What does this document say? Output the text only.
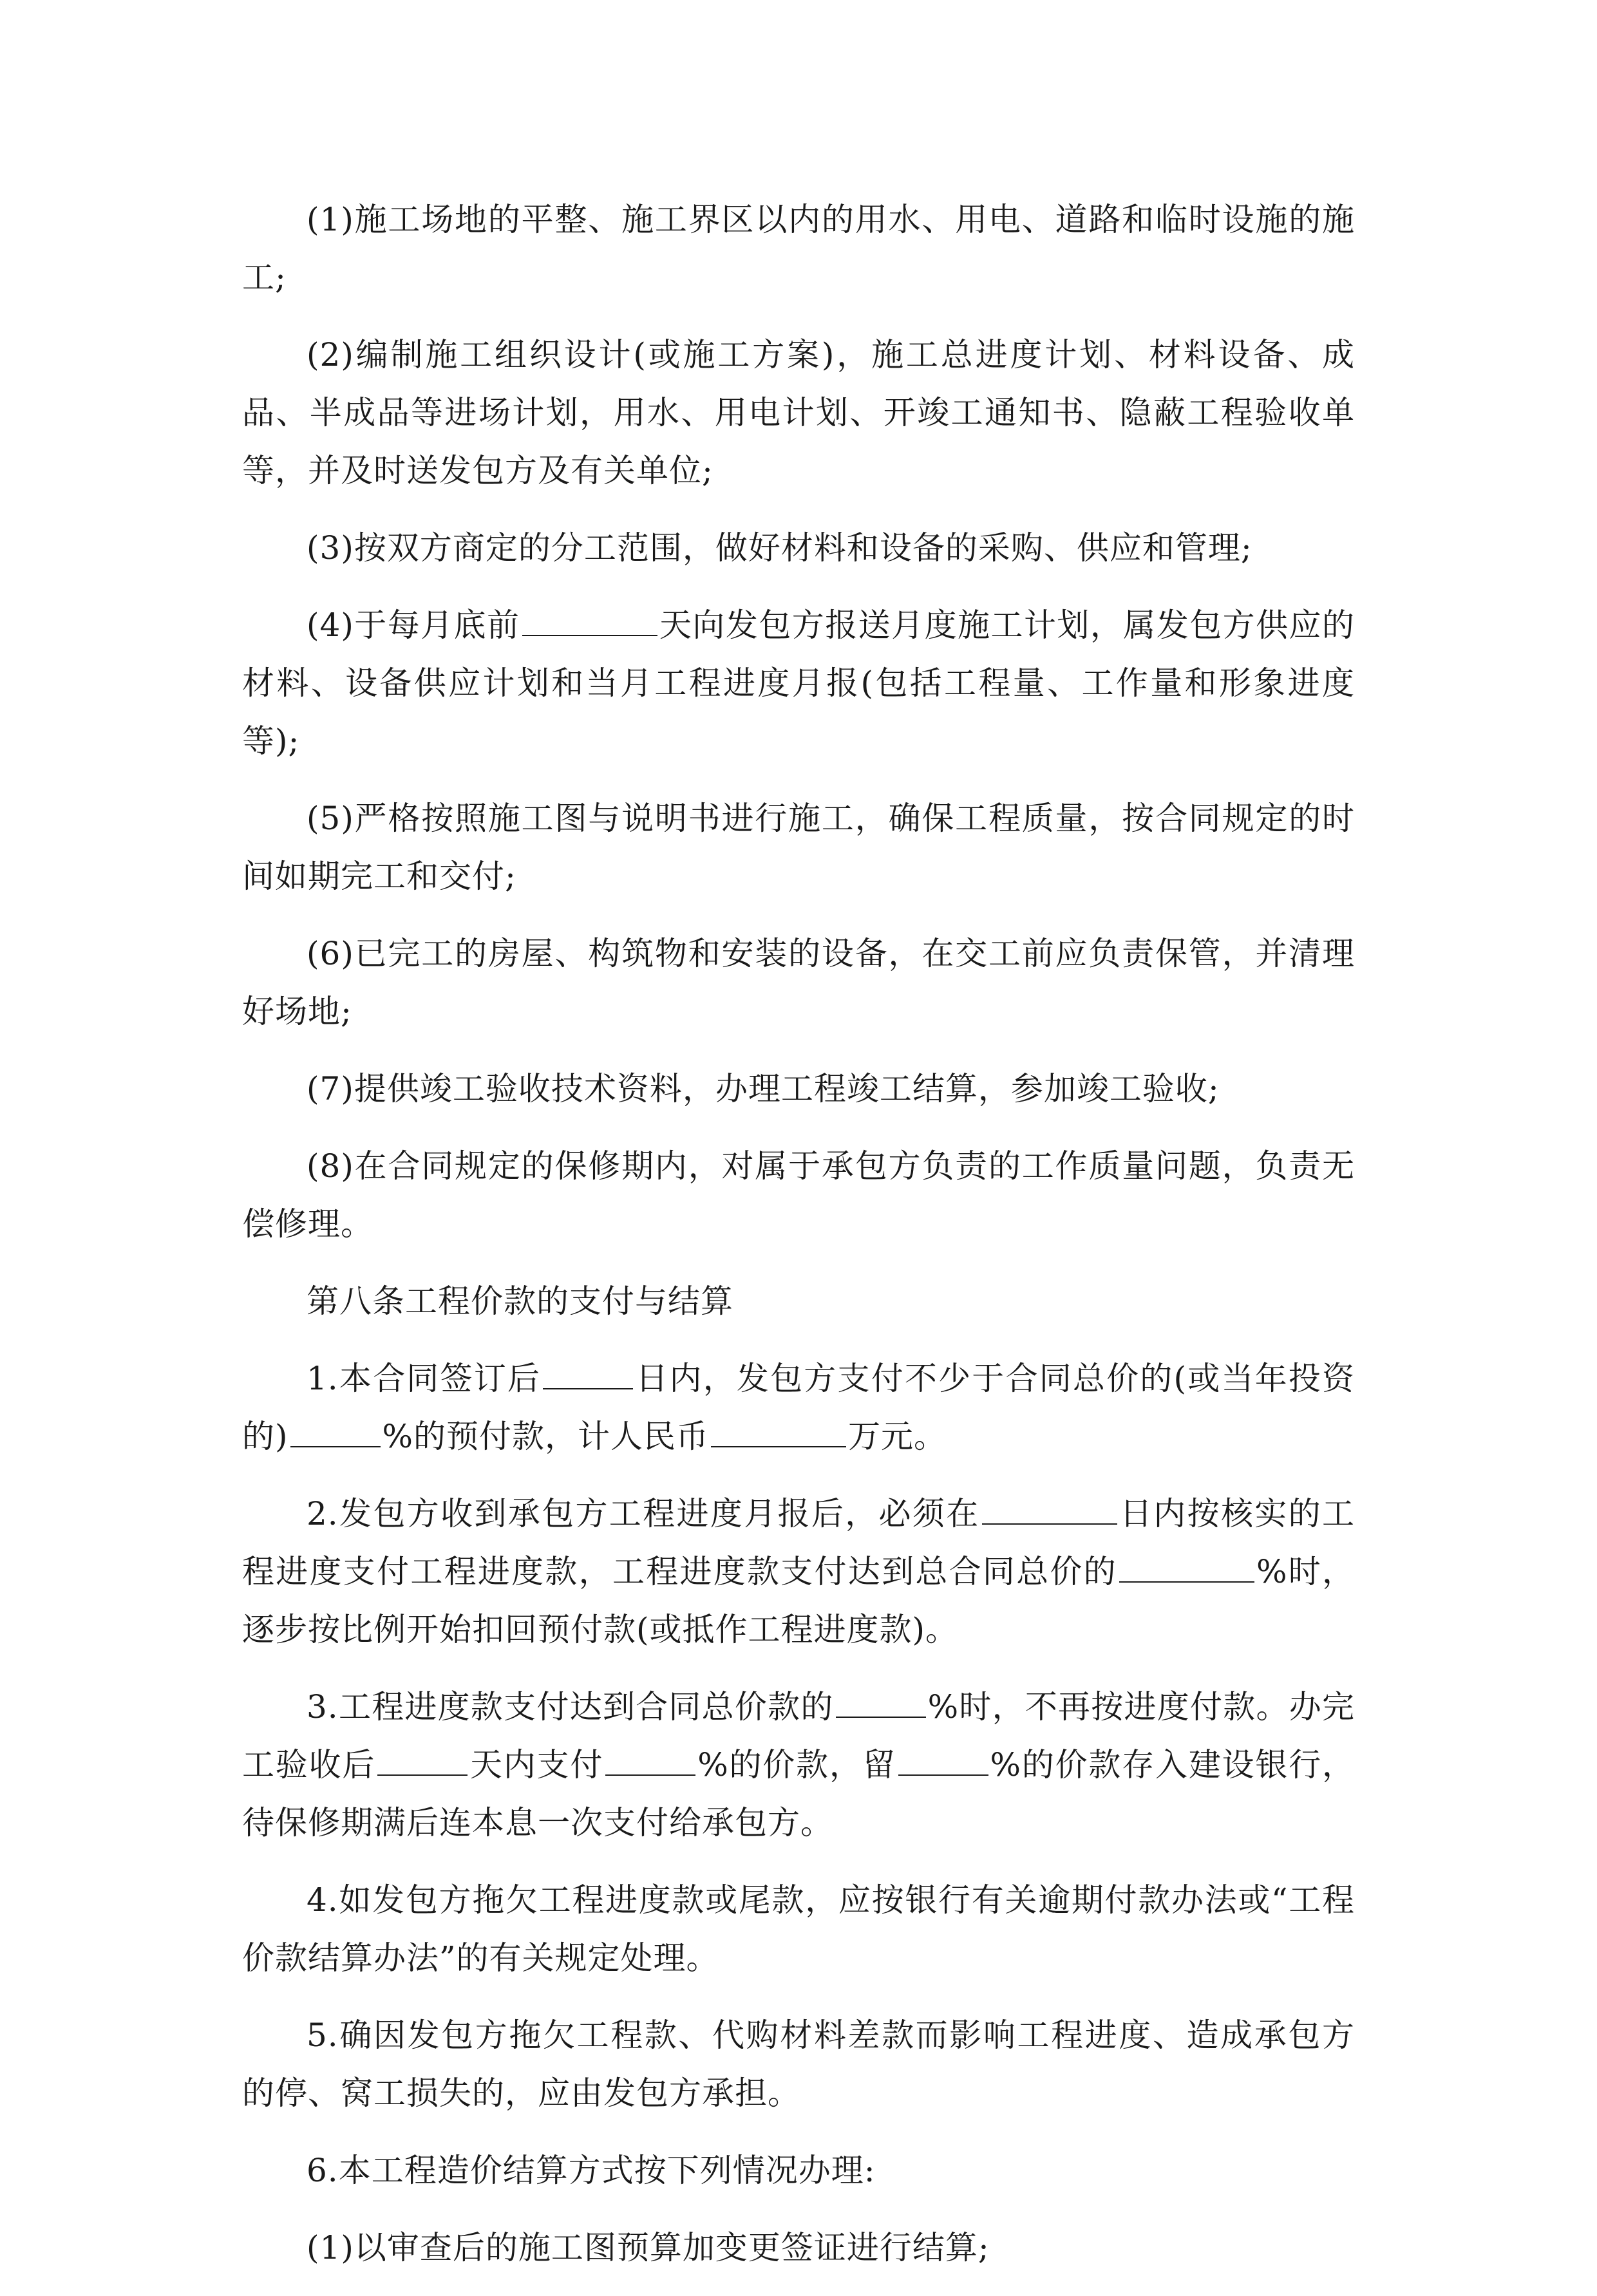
(1)施工场地的平整、施工界区以内的用水、用电、道路和临时设施的施工;

(2)编制施工组织设计(或施工方案)，施工总进度计划、材料设备、成品、半成品等进场计划，用水、用电计划、开竣工通知书、隐蔽工程验收单等，并及时送发包方及有关单位;

(3)按双方商定的分工范围，做好材料和设备的采购、供应和管理;

(4)于每月底前	天向发包方报送月度施工计划，属发包方供应的材料、设备供应计划和当月工程进度月报(包括工程量、工作量和形象进度等);

(5)严格按照施工图与说明书进行施工，确保工程质量，按合同规定的时间如期完工和交付;

(6)已完工的房屋、构筑物和安装的设备，在交工前应负责保管，并清理好场地;

(7)提供竣工验收技术资料，办理工程竣工结算，参加竣工验收;

(8)在合同规定的保修期内，对属于承包方负责的工作质量问题，负责无偿修理。

第八条工程价款的支付与结算

1.本合同签订后	日内，发包方支付不少于合同总价的(或当年投资的)	%的预付款，计人民币	万元。

2.发包方收到承包方工程进度月报后，必须在	日内按核实的工程进度支付工程进度款，工程进度款支付达到总合同总价的	%时，逐步按比例开始扣回预付款(或抵作工程进度款)。

3.工程进度款支付达到合同总价款的	%时，不再按进度付款。办完工验收后	天内支付	%的价款，留	%的价款存入建设银行，待保修期满后连本息一次支付给承包方。

4.如发包方拖欠工程进度款或尾款，应按银行有关逾期付款办法或“工程价款结算办法”的有关规定处理。

5.确因发包方拖欠工程款、代购材料差款而影响工程进度、造成承包方的停、窝工损失的，应由发包方承担。

6.本工程造价结算方式按下列情况办理:

(1)以审查后的施工图预算加变更签证进行结算;
